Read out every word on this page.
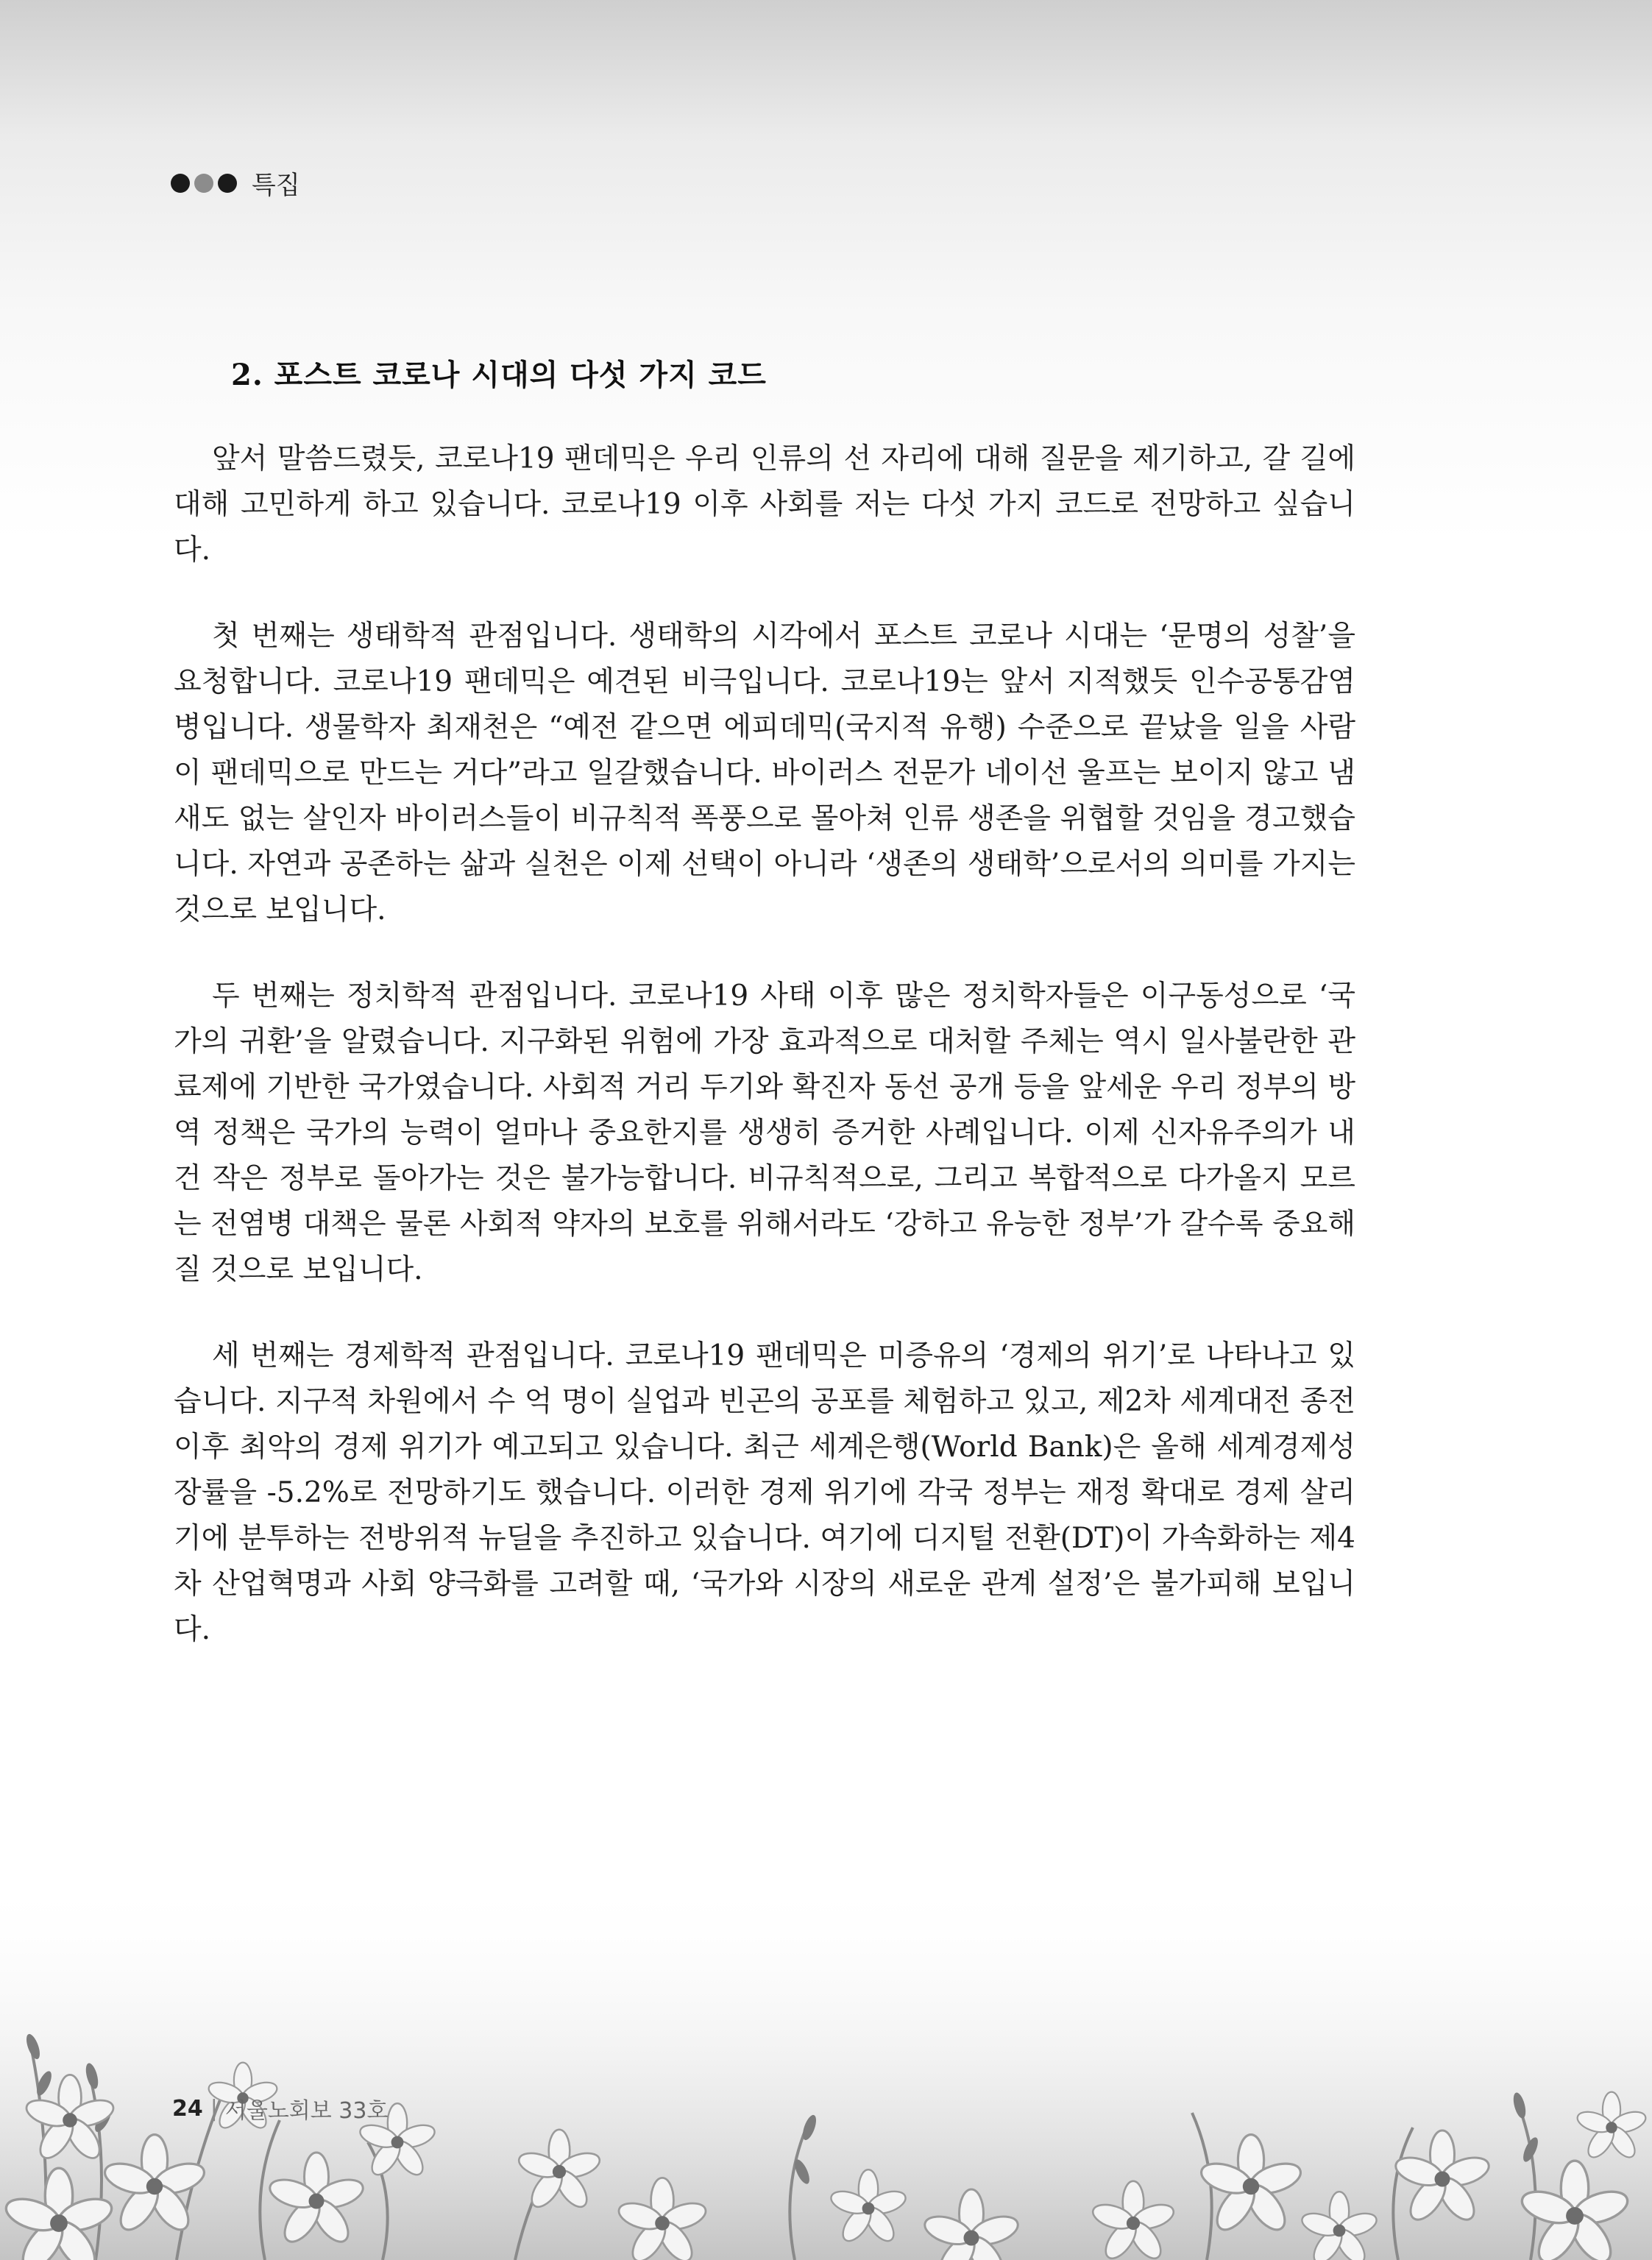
특집
2. 포스트 코로나 시대의 다섯 가지 코드

앞서 말씀드렸듯, 코로나19 팬데믹은 우리 인류의 선 자리에 대해 질문을 제기하고, 갈 길에 대해 고민하게 하고 있습니다. 코로나19 이후 사회를 저는 다섯 가지 코드로 전망하고 싶습니다.

첫 번째는 생태학적 관점입니다. 생태학의 시각에서 포스트 코로나 시대는 ‘문명의 성찰’을 요청합니다. 코로나19 팬데믹은 예견된 비극입니다. 코로나19는 앞서 지적했듯 인수공통감염병입니다. 생물학자 최재천은 “예전 같으면 에피데믹(국지적 유행) 수준으로 끝났을 일을 사람이 팬데믹으로 만드는 거다”라고 일갈했습니다. 바이러스 전문가 네이선 울프는 보이지 않고 냄새도 없는 살인자 바이러스들이 비규칙적 폭풍으로 몰아쳐 인류 생존을 위협할 것임을 경고했습니다. 자연과 공존하는 삶과 실천은 이제 선택이 아니라 ‘생존의 생태학’으로서의 의미를 가지는 것으로 보입니다.

두 번째는 정치학적 관점입니다. 코로나19 사태 이후 많은 정치학자들은 이구동성으로 ‘국가의 귀환’을 알렸습니다. 지구화된 위험에 가장 효과적으로 대처할 주체는 역시 일사불란한 관료제에 기반한 국가였습니다. 사회적 거리 두기와 확진자 동선 공개 등을 앞세운 우리 정부의 방역 정책은 국가의 능력이 얼마나 중요한지를 생생히 증거한 사례입니다. 이제 신자유주의가 내건 작은 정부로 돌아가는 것은 불가능합니다. 비규칙적으로, 그리고 복합적으로 다가올지 모르는 전염병 대책은 물론 사회적 약자의 보호를 위해서라도 ‘강하고 유능한 정부’가 갈수록 중요해질 것으로 보입니다.

세 번째는 경제학적 관점입니다. 코로나19 팬데믹은 미증유의 ‘경제의 위기’로 나타나고 있습니다. 지구적 차원에서 수 억 명이 실업과 빈곤의 공포를 체험하고 있고, 제2차 세계대전 종전 이후 최악의 경제 위기가 예고되고 있습니다. 최근 세계은행(World Bank)은 올해 세계경제성장률을 -5.2%로 전망하기도 했습니다. 이러한 경제 위기에 각국 정부는 재정 확대로 경제 살리기에 분투하는 전방위적 뉴딜을 추진하고 있습니다. 여기에 디지털 전환(DT)이 가속화하는 제4차 산업혁명과 사회 양극화를 고려할 때, ‘국가와 시장의 새로운 관계 설정’은 불가피해 보입니다.

24 | 서울노회보 33호
